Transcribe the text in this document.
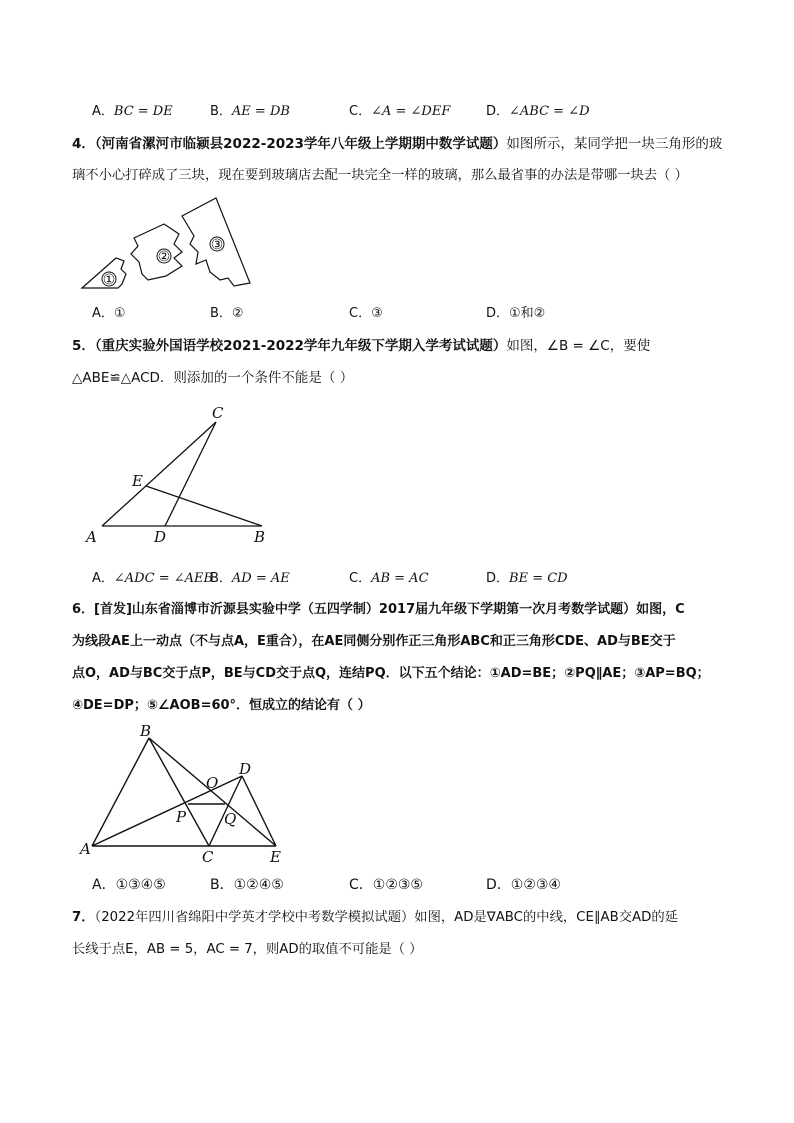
A．BC = DE	B．AE = DB	C．∠A = ∠DEF	D．∠ABC = ∠D
4．（河南省漯河市临颍县2022-2023学年八年级上学期期中数学试题）如图所示，某同学把一块三角形的玻
璃不小心打碎成了三块，现在要到玻璃店去配一块完全一样的玻璃，那么最省事的办法是带哪一块去（ ）
①
②
③
A．①	B．②	C．③	D．①和②
5．（重庆实验外国语学校2021-2022学年九年级下学期入学考试试题）如图，∠B = ∠C，要使
△ABE≌△ACD．则添加的一个条件不能是（ ）
A	D	B
C
E
A．∠ADC = ∠AEB
B．AD = AE	C．AB = AC	D．BE = CD
6．[首发]山东省淄博市沂源县实验中学（五四学制）2017届九年级下学期第一次月考数学试题）如图，C
为线段AE上一动点（不与点A，E重合），在AE同侧分别作正三角形ABC和正三角形CDE、AD与BE交于
点O，AD与BC交于点P，BE与CD交于点Q，连结PQ．以下五个结论：①AD=BE；②PQ∥AE；③AP=BQ；
④DE=DP；⑤∠AOB=60°．恒成立的结论有（ ）
A
B
C
D
E
O
P	Q
A．①③④⑤	B．①②④⑤	C．①②③⑤	D．①②③④
7．（2022年四川省绵阳中学英才学校中考数学模拟试题）如图，AD是∇ABC的中线，CE∥AB交AD的延
长线于点E，AB = 5，AC = 7，则AD的取值不可能是（ ）
